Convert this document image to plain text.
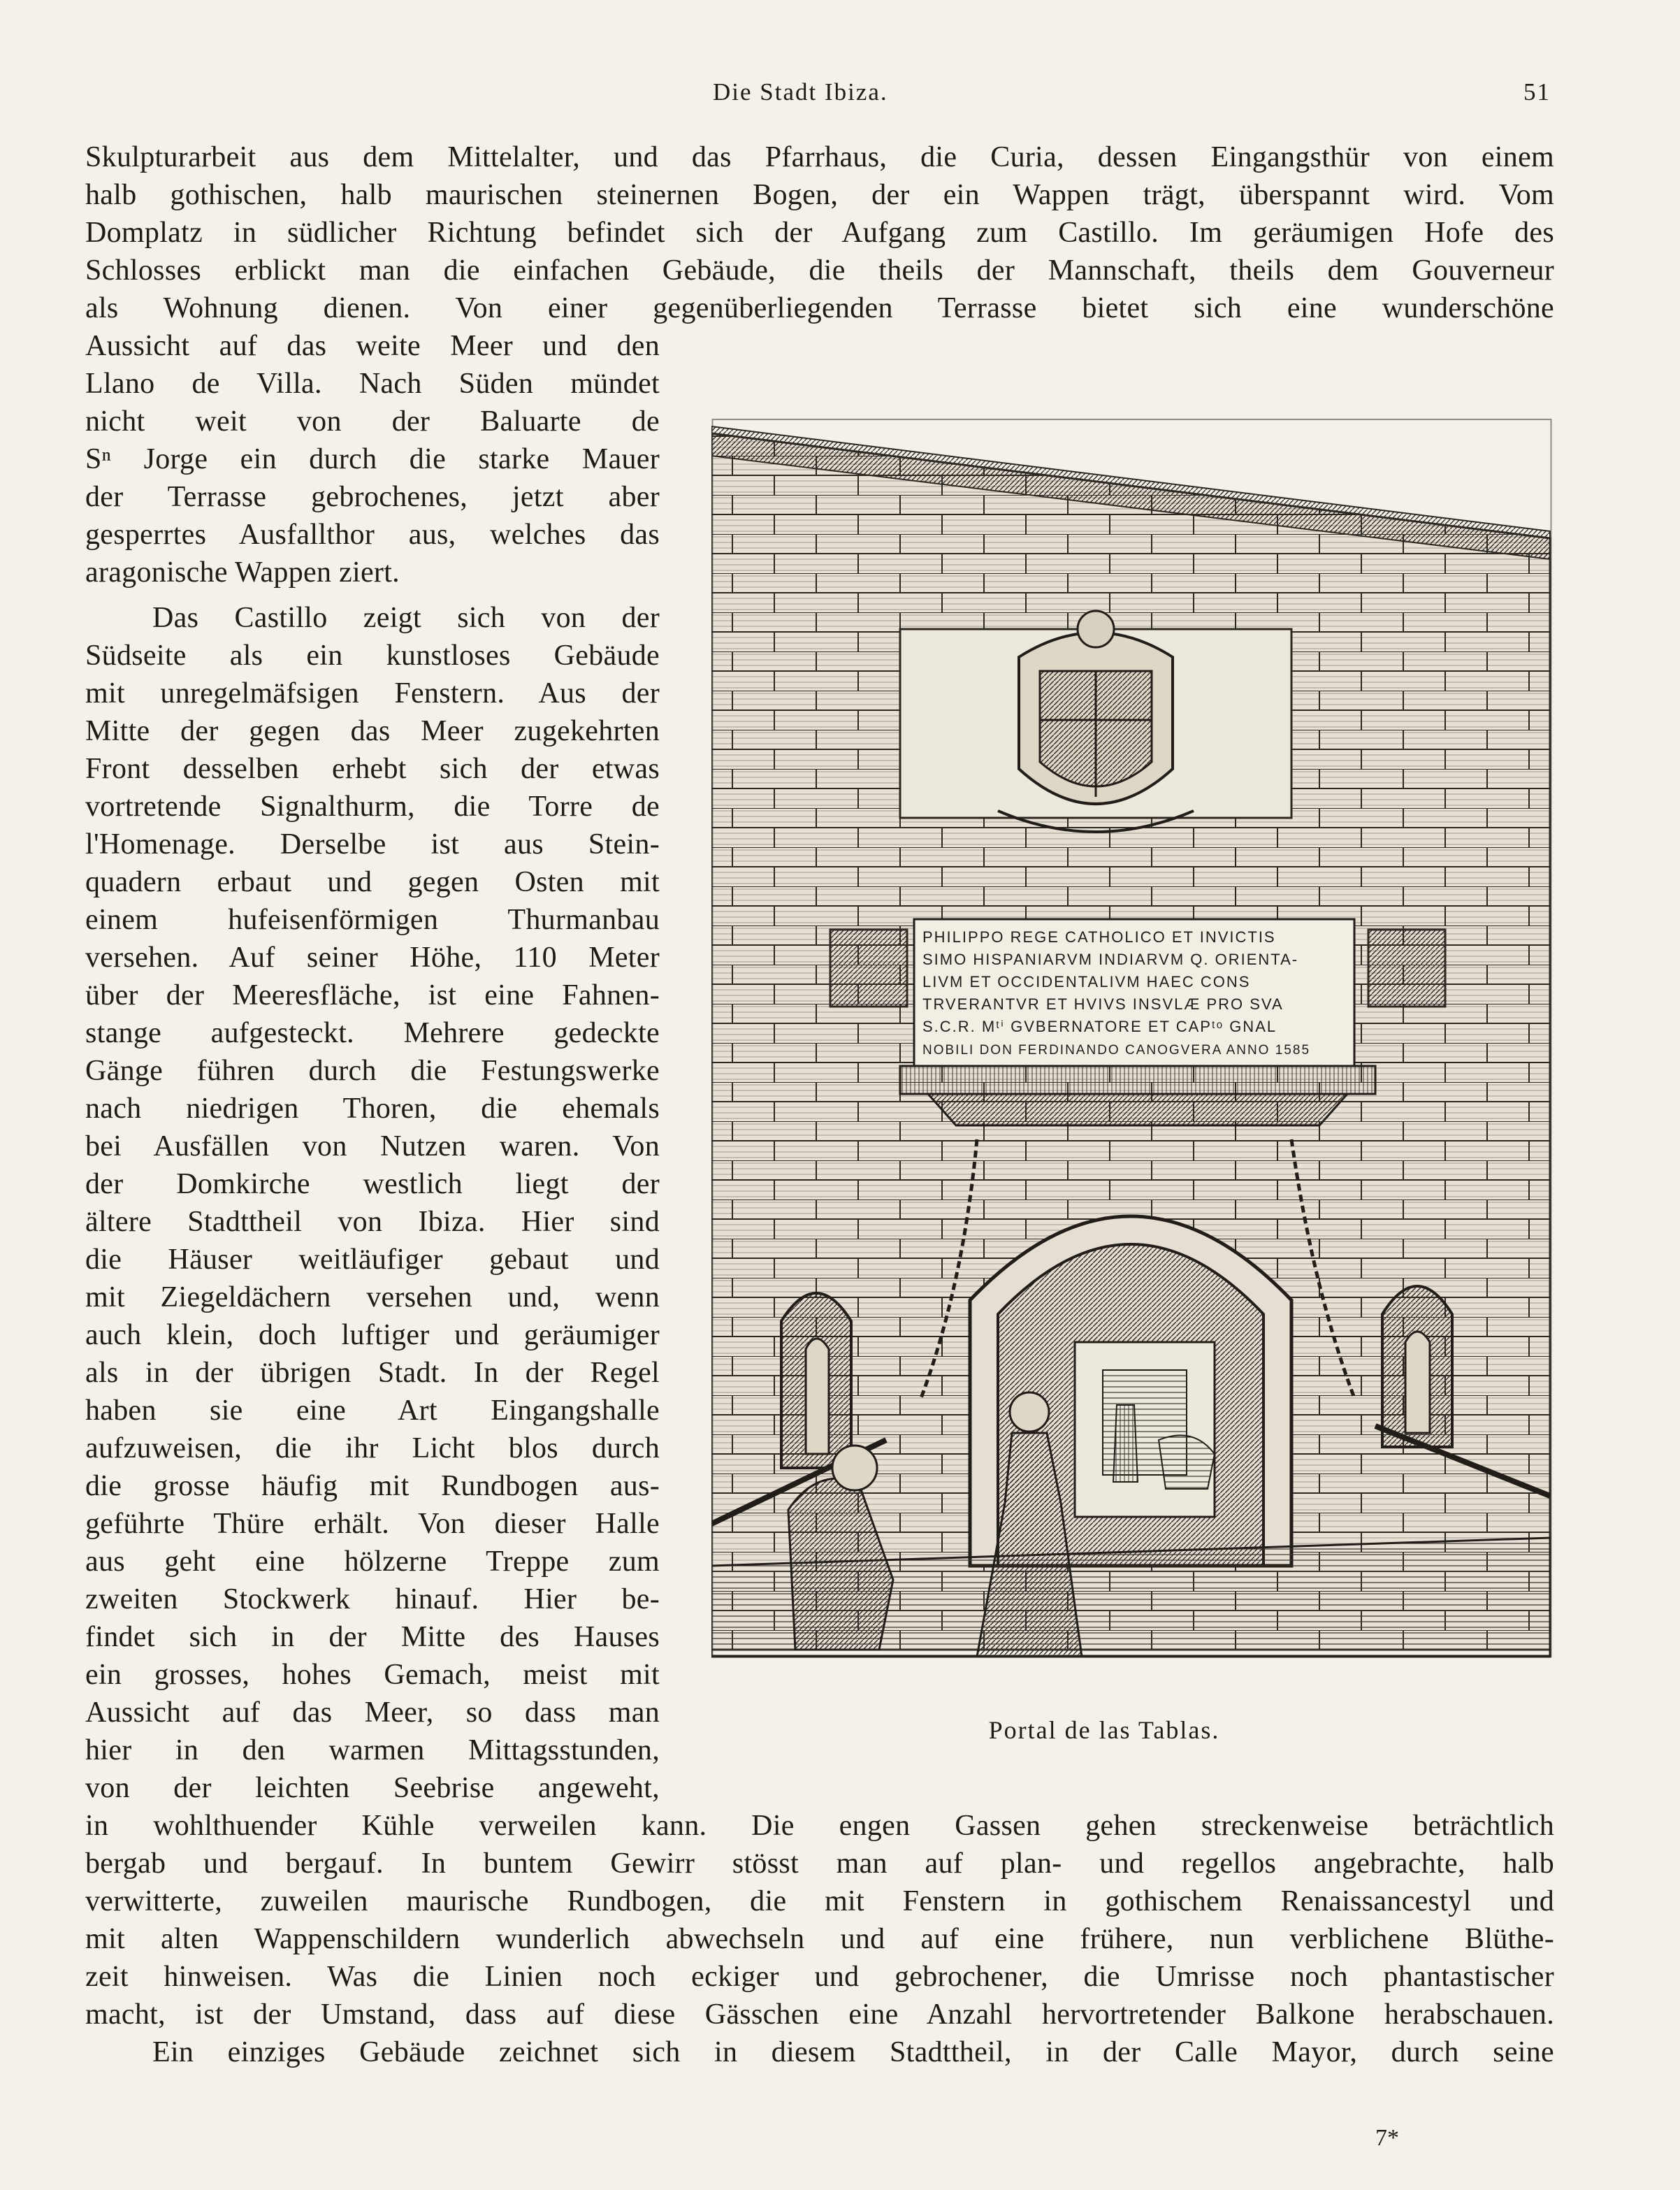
Die Stadt Ibiza.	51
Skulpturarbeit aus dem Mittelalter, und das Pfarrhaus, die Curia, dessen Eingangsthür von einem
halb gothischen, halb maurischen steinernen Bogen, der ein Wappen trägt, überspannt wird. Vom
Domplatz in südlicher Richtung befindet sich der Aufgang zum Castillo. Im geräumigen Hofe des
Schlosses erblickt man die einfachen Gebäude, die theils der Mannschaft, theils dem Gouverneur
als Wohnung dienen. Von einer gegenüberliegenden Terrasse bietet sich eine wunderschöne
Aussicht auf das weite Meer und den
Llano de Villa. Nach Süden mündet
nicht weit von der Baluarte de
Sⁿ Jorge ein durch die starke Mauer
der Terrasse gebrochenes, jetzt aber
gesperrtes Ausfallthor aus, welches das
aragonische Wappen ziert.
Das Castillo zeigt sich von der
Südseite als ein kunstloses Gebäude
mit unregelmäfsigen Fenstern. Aus der
Mitte der gegen das Meer zugekehrten
Front desselben erhebt sich der etwas
vortretende Signalthurm, die Torre de
l'Homenage. Derselbe ist aus Stein-
quadern erbaut und gegen Osten mit
einem hufeisenförmigen Thurmanbau
versehen. Auf seiner Höhe, 110 Meter
über der Meeresfläche, ist eine Fahnen-
stange aufgesteckt. Mehrere gedeckte
Gänge führen durch die Festungswerke
nach niedrigen Thoren, die ehemals
bei Ausfällen von Nutzen waren. Von
der Domkirche westlich liegt der
ältere Stadttheil von Ibiza. Hier sind
die Häuser weitläufiger gebaut und
mit Ziegeldächern versehen und, wenn
auch klein, doch luftiger und geräumiger
als in der übrigen Stadt. In der Regel
haben sie eine Art Eingangshalle
aufzuweisen, die ihr Licht blos durch
die grosse häufig mit Rundbogen aus-
geführte Thüre erhält. Von dieser Halle
aus geht eine hölzerne Treppe zum
zweiten Stockwerk hinauf. Hier be-
findet sich in der Mitte des Hauses
ein grosses, hohes Gemach, meist mit
Aussicht auf das Meer, so dass man
hier in den warmen Mittagsstunden,
von der leichten Seebrise angeweht,
in wohlthuender Kühle verweilen kann. Die engen Gassen gehen streckenweise beträchtlich
bergab und bergauf. In buntem Gewirr stösst man auf plan- und regellos angebrachte, halb
verwitterte, zuweilen maurische Rundbogen, die mit Fenstern in gothischem Renaissancestyl und
mit alten Wappenschildern wunderlich abwechseln und auf eine frühere, nun verblichene Blüthe-
zeit hinweisen. Was die Linien noch eckiger und gebrochener, die Umrisse noch phantastischer
macht, ist der Umstand, dass auf diese Gässchen eine Anzahl hervortretender Balkone herabschauen.
Ein einziges Gebäude zeichnet sich in diesem Stadttheil, in der Calle Mayor, durch seine
PHILIPPO REGE CATHOLICO ET INVICTIS
SIMO HISPANIARVM INDIARVM Q. ORIENTA-
LIVM ET OCCIDENTALIVM HAEC CONS
TRVERANTVR ET HVIVS INSVLÆ PRO SVA
S.C.R. Mᵗⁱ GVBERNATORE ET CAPᵗᵒ GNAL
NOBILI DON FERDINANDO CANOGVERA ANNO 1585
Portal de las Tablas.
7*
